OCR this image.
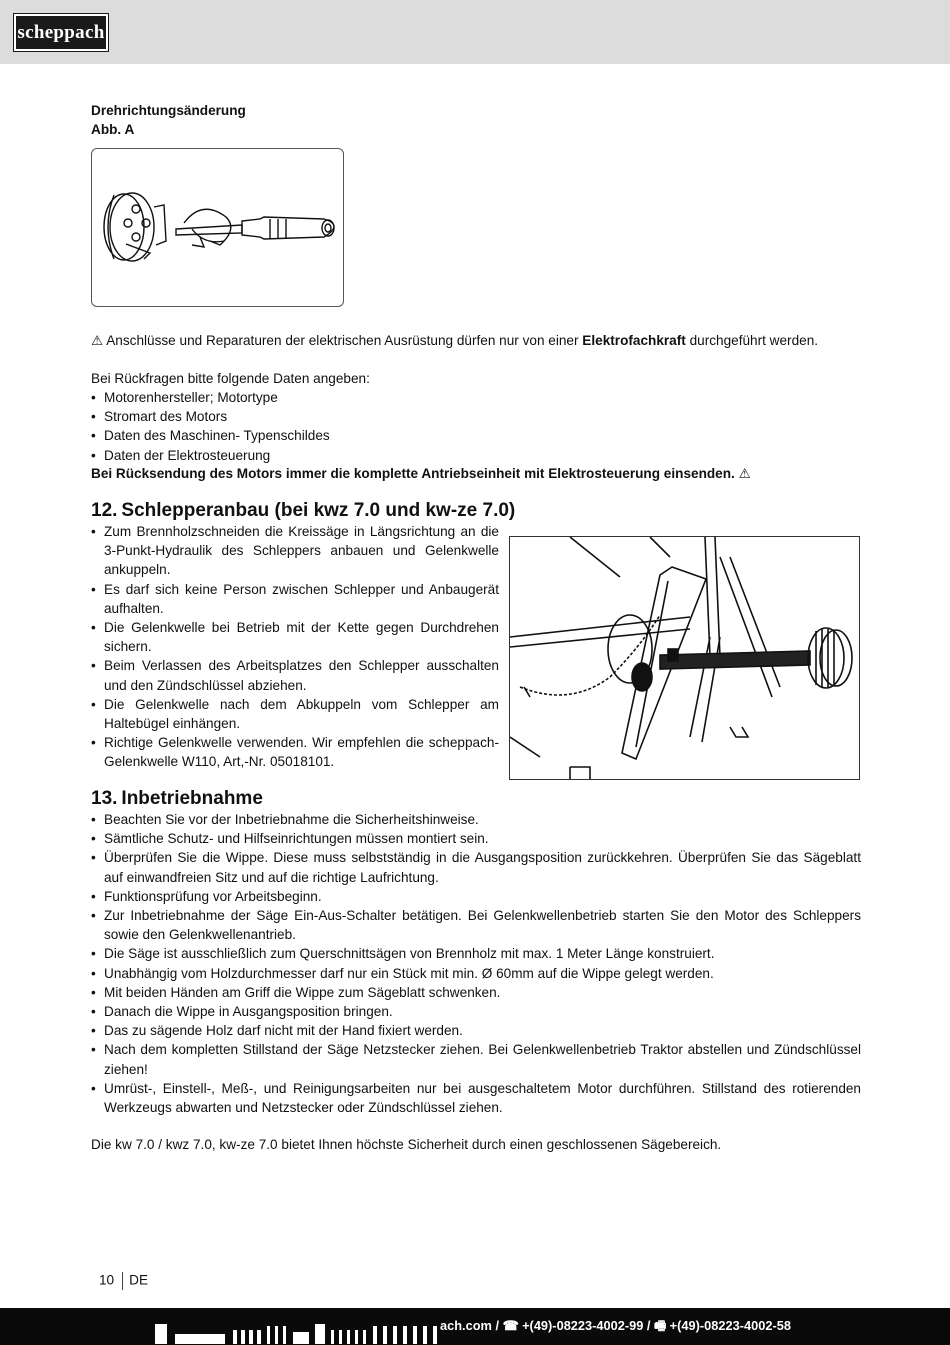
scheppach
Drehrichtungsänderung
Abb. A
⚠ Anschlüsse und Reparaturen der elektrischen Ausrüstung dürfen nur von einer Elektrofachkraft durchgeführt werden.
Bei Rückfragen bitte folgende Daten angeben:
• Motorenhersteller; Motortype
• Stromart des Motors
• Daten des Maschinen- Typenschildes
• Daten der Elektrosteuerung
Bei Rücksendung des Motors immer die komplette Antriebseinheit mit Elektrosteuerung einsenden. ⚠
12. Schlepperanbau (bei kwz 7.0 und kw-ze 7.0)
• Zum Brennholzschneiden die Kreissäge in Längsrichtung an die 3-Punkt-Hydraulik des Schleppers anbauen und Gelenkwelle ankuppeln.
• Es darf sich keine Person zwischen Schlepper und Anbaugerät aufhalten.
• Die Gelenkwelle bei Betrieb mit der Kette gegen Durchdrehen sichern.
• Beim Verlassen des Arbeitsplatzes den Schlepper ausschalten und den Zündschlüssel abziehen.
• Die Gelenkwelle nach dem Abkuppeln vom Schlepper am Haltebügel einhängen.
• Richtige Gelenkwelle verwenden. Wir empfehlen die scheppach-Gelenkwelle W110, Art,-Nr. 05018101.
13. Inbetriebnahme
• Beachten Sie vor der Inbetriebnahme die Sicherheitshinweise.
• Sämtliche Schutz- und Hilfseinrichtungen müssen montiert sein.
• Überprüfen Sie die Wippe. Diese muss selbstständig in die Ausgangsposition zurückkehren. Überprüfen Sie das Sägeblatt auf einwandfreien Sitz und auf die richtige Laufrichtung.
• Funktionsprüfung vor Arbeitsbeginn.
• Zur Inbetriebnahme der Säge Ein-Aus-Schalter betätigen. Bei Gelenkwellenbetrieb starten Sie den Motor des Schleppers sowie den Gelenkwellenantrieb.
• Die Säge ist ausschließlich zum Querschnittsägen von Brennholz mit max. 1 Meter Länge konstruiert.
• Unabhängig vom Holzdurchmesser darf nur ein Stück mit min. Ø 60mm auf die Wippe gelegt werden.
• Mit beiden Händen am Griff die Wippe zum Sägeblatt schwenken.
• Danach die Wippe in Ausgangsposition bringen.
• Das zu sägende Holz darf nicht mit der Hand fixiert werden.
• Nach dem kompletten Stillstand der Säge Netzstecker ziehen. Bei Gelenkwellenbetrieb Traktor abstellen und Zündschlüssel ziehen!
• Umrüst-, Einstell-, Meß-, und Reinigungsarbeiten nur bei ausgeschaltetem Motor durchführen. Stillstand des rotierenden Werkzeugs abwarten und Netzstecker oder Zündschlüssel ziehen.
Die kw 7.0 / kwz 7.0, kw-ze 7.0 bietet Ihnen höchste Sicherheit durch einen geschlossenen Sägebereich.
10 DE
ach.com / ☎ +(49)-08223-4002-99 / 🖷 +(49)-08223-4002-58
